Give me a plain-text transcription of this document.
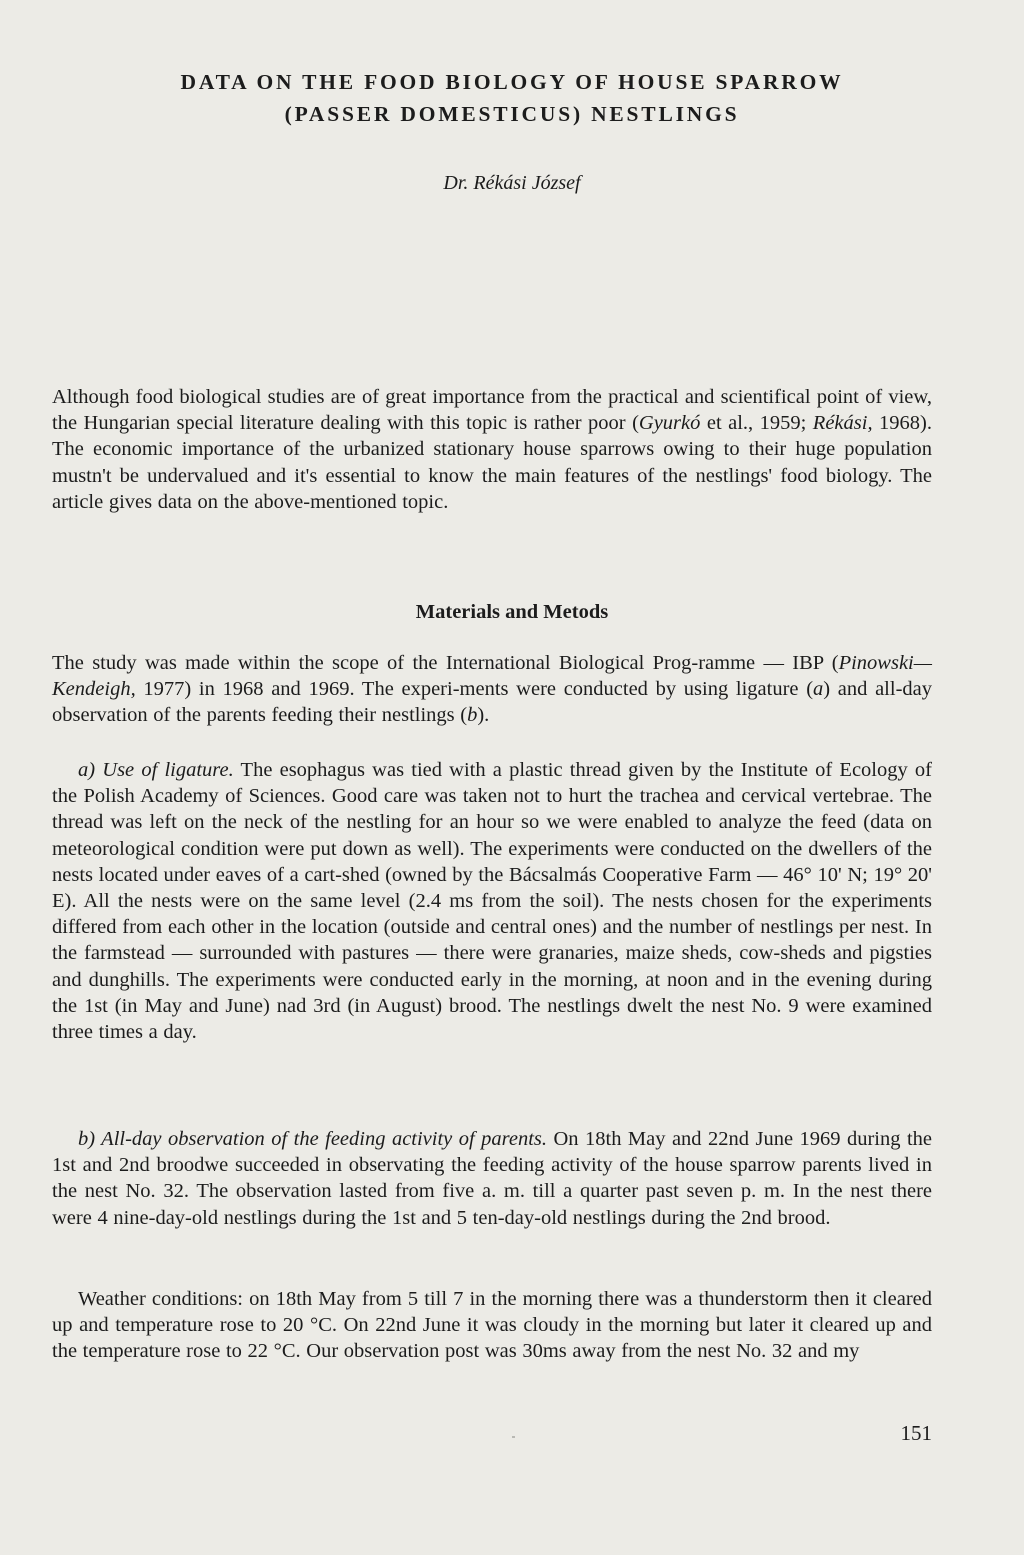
DATA ON THE FOOD BIOLOGY OF HOUSE SPARROW
(PASSER DOMESTICUS) NESTLINGS

Dr. Rékási József

Although food biological studies are of great importance from the practical and scientifical point of view, the Hungarian special literature dealing with this topic is rather poor (Gyurkó et al., 1959; Rékási, 1968). The economic importance of the urbanized stationary house sparrows owing to their huge population mustn't be undervalued and it's essential to know the main features of the nestlings' food biology. The article gives data on the above-mentioned topic.

Materials and Metods

The study was made within the scope of the International Biological Prog-ramme — IBP (Pinowski—Kendeigh, 1977) in 1968 and 1969. The experi-ments were conducted by using ligature (a) and all-day observation of the parents feeding their nestlings (b).

a) Use of ligature. The esophagus was tied with a plastic thread given by the Institute of Ecology of the Polish Academy of Sciences. Good care was taken not to hurt the trachea and cervical vertebrae. The thread was left on the neck of the nestling for an hour so we were enabled to analyze the feed (data on meteorological condition were put down as well). The experiments were conducted on the dwellers of the nests located under eaves of a cart-shed (owned by the Bácsalmás Cooperative Farm — 46° 10' N; 19° 20' E). All the nests were on the same level (2.4 ms from the soil). The nests chosen for the experiments differed from each other in the location (outside and central ones) and the number of nestlings per nest. In the farmstead — surrounded with pastures — there were granaries, maize sheds, cow-sheds and pigsties and dunghills. The experiments were conducted early in the morning, at noon and in the evening during the 1st (in May and June) nad 3rd (in August) brood. The nestlings dwelt the nest No. 9 were examined three times a day.

b) All-day observation of the feeding activity of parents. On 18th May and 22nd June 1969 during the 1st and 2nd broodwe succeeded in observating the feeding activity of the house sparrow parents lived in the nest No. 32. The observation lasted from five a. m. till a quarter past seven p. m. In the nest there were 4 nine-day-old nestlings during the 1st and 5 ten-day-old nestlings during the 2nd brood.

Weather conditions: on 18th May from 5 till 7 in the morning there was a thunderstorm then it cleared up and temperature rose to 20 °C. On 22nd June it was cloudy in the morning but later it cleared up and the temperature rose to 22 °C. Our observation post was 30ms away from the nest No. 32 and my

151
